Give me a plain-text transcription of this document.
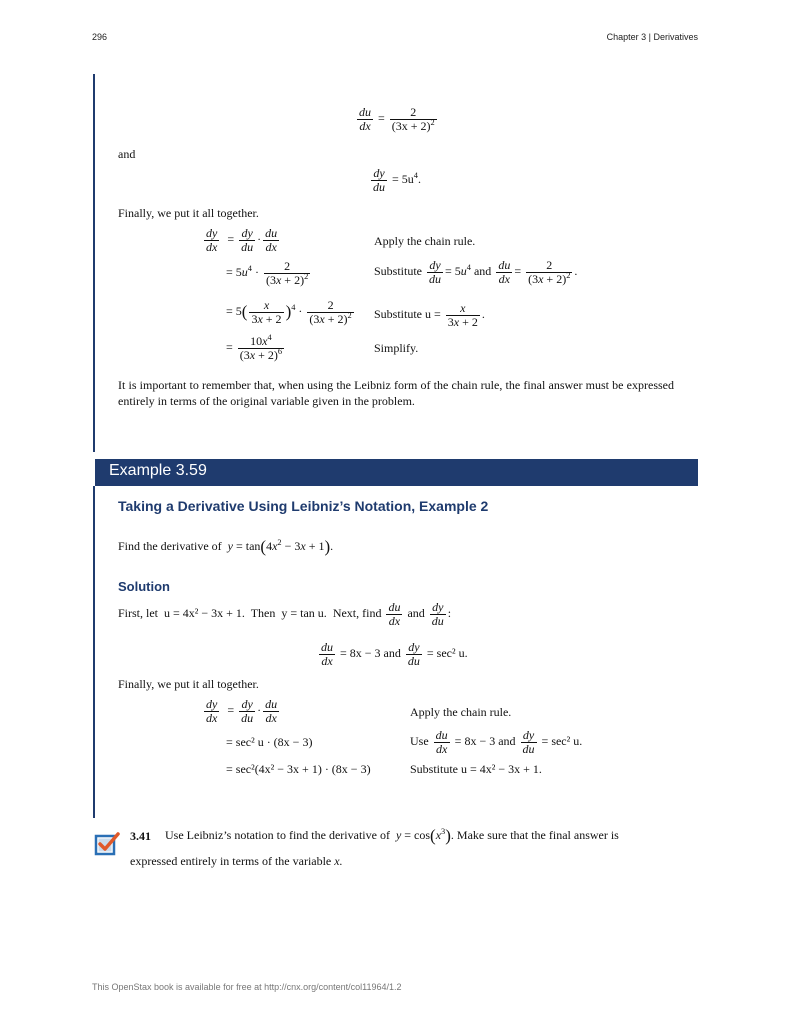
296	Chapter 3 | Derivatives
$\frac{du}{dx} = \frac{2}{(3x + 2)^2}$
and
$\frac{dy}{du} = 5u^4$.
Finally, we put it all together.
$\frac{dy}{dx} = \frac{dy}{du} \cdot \frac{du}{dx}$	Apply the chain rule.
= $5u^4 \cdot \frac{2}{(3x + 2)^2}$	Substitute $\frac{dy}{du} = 5u^4$ and $\frac{du}{dx} = \frac{2}{(3x + 2)^2}$ .
= $5( \frac{x}{3x + 2} )^4 \cdot \frac{2}{(3x + 2)^2}$ Substitute $u = \frac{x}{3x + 2}$ .
= $\frac{10x^4}{(3x + 2)^6}$	Simplify.
It is important to remember that, when using the Leibniz form of the chain rule, the final answer must be expressed entirely in terms of the original variable given in the problem.
Example 3.59
Taking a Derivative Using Leibniz’s Notation, Example 2
Find the derivative of $y = \tan(4x^2 - 3x + 1)$.
Solution
First, let u = 4x² − 3x + 1. Then y = tan u. Next, find $\frac{du}{dx}$ and $\frac{dy}{du}$ :
$\frac{du}{dx} = 8x - 3$ and $\frac{dy}{du} = \sec^2$ u.
Finally, we put it all together.
$\frac{dy}{dx} = \frac{dy}{du} \cdot \frac{du}{dx}$	Apply the chain rule.
= sec² u · (8x − 3)	Use $\frac{du}{dx} = 8x - 3$ and $\frac{dy}{du} = \sec^2$ u.
= sec²(4x² − 3x + 1) · (8x − 3)	Substitute u = 4x² − 3x + 1.
3.41 Use Leibniz’s notation to find the derivative of $y = \cos(x^3)$. Make sure that the final answer is
expressed entirely in terms of the variable x.
This OpenStax book is available for free at http://cnx.org/content/col11964/1.2
